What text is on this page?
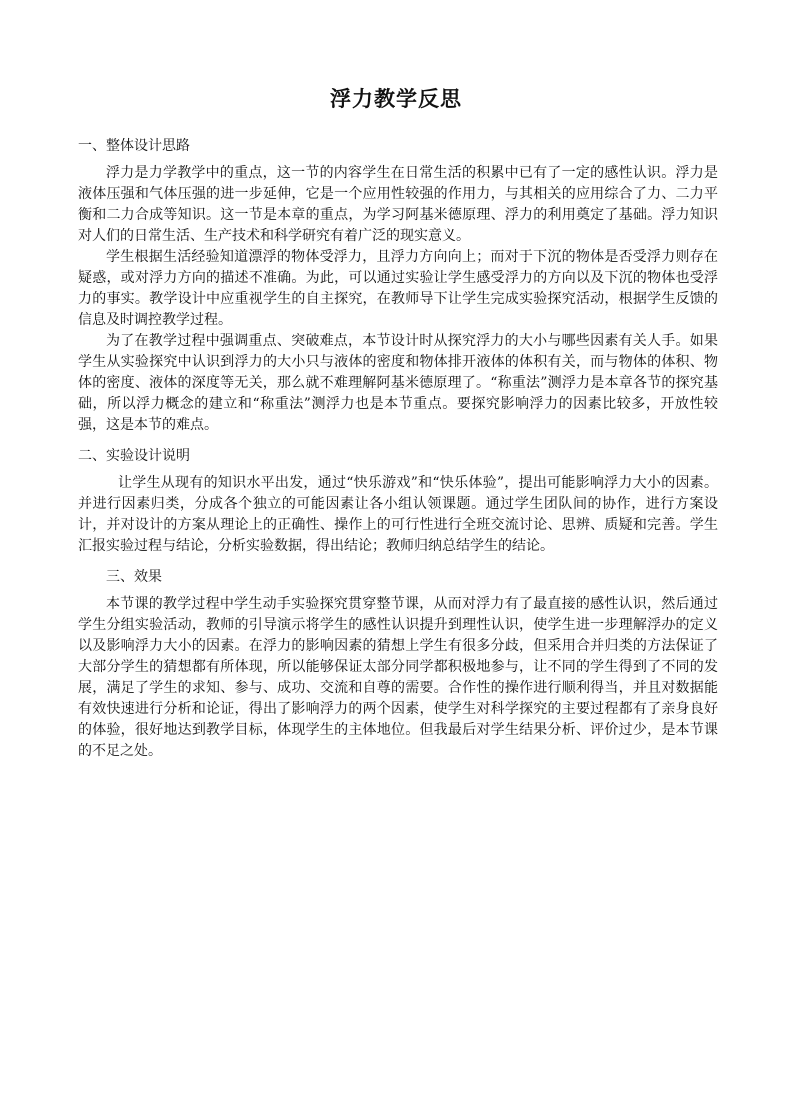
浮力教学反思

一、整体设计思路

浮力是力学教学中的重点，这一节的内容学生在日常生活的积累中已有了一定的感性认识。浮力是液体压强和气体压强的进一步延伸，它是一个应用性较强的作用力，与其相关的应用综合了力、二力平衡和二力合成等知识。这一节是本章的重点，为学习阿基米德原理、浮力的利用奠定了基础。浮力知识对人们的日常生活、生产技术和科学研究有着广泛的现实意义。

学生根据生活经验知道漂浮的物体受浮力，且浮力方向向上；而对于下沉的物体是否受浮力则存在疑惑，或对浮力方向的描述不准确。为此，可以通过实验让学生感受浮力的方向以及下沉的物体也受浮力的事实。教学设计中应重视学生的自主探究，在教师导下让学生完成实验探究活动，根据学生反馈的信息及时调控教学过程。

为了在教学过程中强调重点、突破难点，本节设计时从探究浮力的大小与哪些因素有关人手。如果学生从实验探究中认识到浮力的大小只与液体的密度和物体排开液体的体积有关，而与物体的体积、物体的密度、液体的深度等无关，那么就不难理解阿基米德原理了。“称重法”测浮力是本章各节的探究基础，所以浮力概念的建立和“称重法”测浮力也是本节重点。要探究影响浮力的因素比较多，开放性较强，这是本节的难点。

二、实验设计说明

让学生从现有的知识水平出发，通过“快乐游戏”和“快乐体验”，提出可能影响浮力大小的因素。并进行因素归类，分成各个独立的可能因素让各小组认领课题。通过学生团队间的协作，进行方案设计，并对设计的方案从理论上的正确性、操作上的可行性进行全班交流讨论、思辨、质疑和完善。学生汇报实验过程与结论，分析实验数据，得出结论；教师归纳总结学生的结论。

三、效果

本节课的教学过程中学生动手实验探究贯穿整节课，从而对浮力有了最直接的感性认识，然后通过学生分组实验活动，教师的引导演示将学生的感性认识提升到理性认识，使学生进一步理解浮办的定义以及影响浮力大小的因素。在浮力的影响因素的猜想上学生有很多分歧，但采用合并归类的方法保证了大部分学生的猜想都有所体现，所以能够保证太部分同学都积极地参与，让不同的学生得到了不同的发展，满足了学生的求知、参与、成功、交流和自尊的需要。合作性的操作进行顺利得当，并且对数据能有效快速进行分析和论证，得出了影响浮力的两个因素，使学生对科学探究的主要过程都有了亲身良好的体验，很好地达到教学目标，体现学生的主体地位。但我最后对学生结果分析、评价过少，是本节课的不足之处。
